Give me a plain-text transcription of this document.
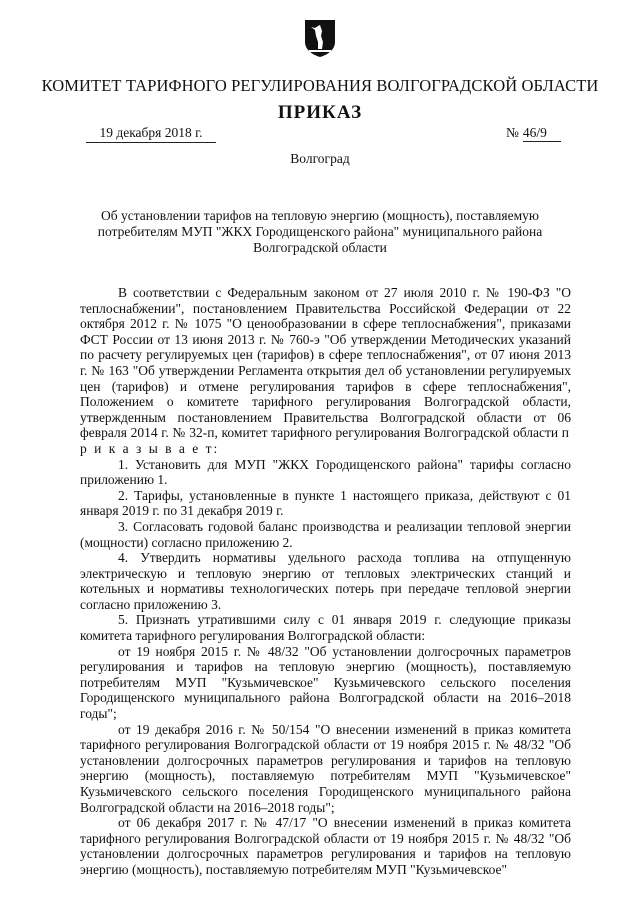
КОМИТЕТ ТАРИФНОГО РЕГУЛИРОВАНИЯ ВОЛГОГРАДСКОЙ ОБЛАСТИ
ПРИКАЗ
19 декабря 2018 г.	№ 46/9
Волгоград
Об установлении тарифов на тепловую энергию (мощность), поставляемую
потребителям МУП "ЖКХ Городищенского района" муниципального района
Волгоградской области

В соответствии с Федеральным законом от 27 июля 2010 г. № 190-ФЗ "О теплоснабжении", постановлением Правительства Российской Федерации от 22 октября 2012 г. № 1075 "О ценообразовании в сфере теплоснабжения", приказами ФСТ России от 13 июня 2013 г. № 760-э "Об утверждении Методических указаний по расчету регулируемых цен (тарифов) в сфере теплоснабжения", от 07 июня 2013 г. № 163 "Об утверждении Регламента открытия дел об установлении регулируемых цен (тарифов) и отмене регулирования тарифов в сфере теплоснабжения", Положением о комитете тарифного регулирования Волгоградской области, утвержденным постановлением Правительства Волгоградской области от 06 февраля 2014 г. № 32-п, комитет тарифного регулирования Волгоградской области п р и к а з ы в а е т:

1. Установить для МУП "ЖКХ Городищенского района" тарифы согласно приложению 1.

2. Тарифы, установленные в пункте 1 настоящего приказа, действуют с 01 января 2019 г. по 31 декабря 2019 г.

3. Согласовать годовой баланс производства и реализации тепловой энергии (мощности) согласно приложению 2.

4. Утвердить нормативы удельного расхода топлива на отпущенную электрическую и тепловую энергию от тепловых электрических станций и котельных и нормативы технологических потерь при передаче тепловой энергии согласно приложению 3.

5. Признать утратившими силу с 01 января 2019 г. следующие приказы комитета тарифного регулирования Волгоградской области:

от 19 ноября 2015 г. № 48/32 "Об установлении долгосрочных параметров регулирования и тарифов на тепловую энергию (мощность), поставляемую потребителям МУП "Кузьмичевское" Кузьмичевского сельского поселения Городищенского муниципального района Волгоградской области на 2016–2018 годы";

от 19 декабря 2016 г. № 50/154 "О внесении изменений в приказ комитета тарифного регулирования Волгоградской области от 19 ноября 2015 г. № 48/32 "Об установлении долгосрочных параметров регулирования и тарифов на тепловую энергию (мощность), поставляемую потребителям МУП "Кузьмичевское" Кузьмичевского сельского поселения Городищенского муниципального района Волгоградской области на 2016–2018 годы";

от 06 декабря 2017 г. № 47/17 "О внесении изменений в приказ комитета тарифного регулирования Волгоградской области от 19 ноября 2015 г. № 48/32 "Об установлении долгосрочных параметров регулирования и тарифов на тепловую энергию (мощность), поставляемую потребителям МУП "Кузьмичевское"
